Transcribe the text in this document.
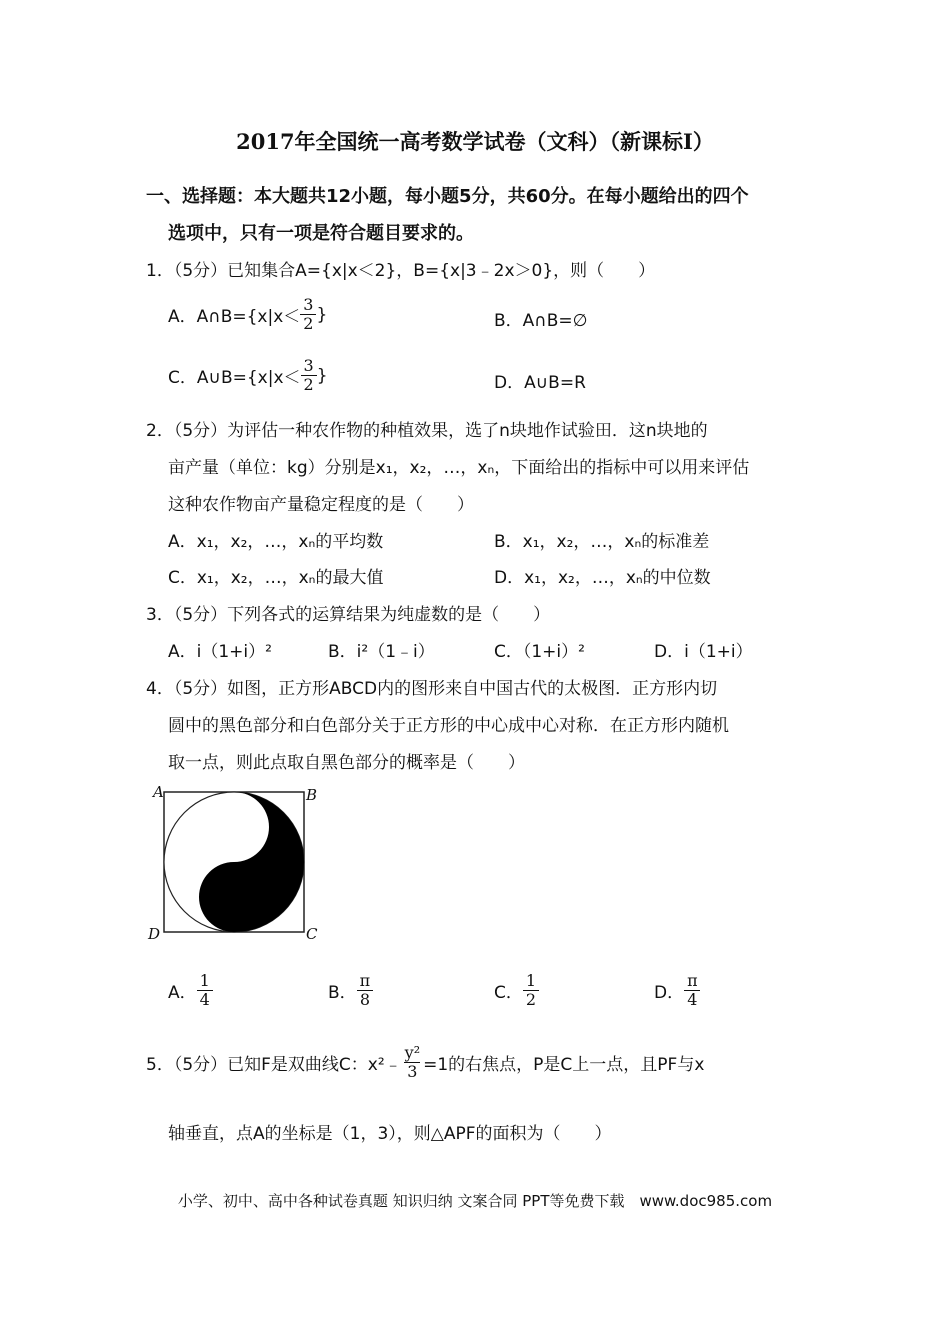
2017年全国统一高考数学试卷（文科）（新课标I）
一、选择题：本大题共12小题，每小题5分，共60分。在每小题给出的四个
选项中，只有一项是符合题目要求的。
1．（5分）已知集合A={x|x＜2}，B={x|3﹣2x＞0}，则（　　）
A．A∩B={x|x＜ $\frac{3}{2}$ }	B．A∩B=∅
C．A∪B={x|x＜ $\frac{3}{2}$ }	D．A∪B=R
2．（5分）为评估一种农作物的种植效果，选了n块地作试验田．这n块地的
亩产量（单位：kg）分别是x₁，x₂，…，xₙ，下面给出的指标中可以用来评估
这种农作物亩产量稳定程度的是（　　）
A．x₁，x₂，…，xₙ的平均数	B．x₁，x₂，…，xₙ的标准差
C．x₁，x₂，…，xₙ的最大值	D．x₁，x₂，…，xₙ的中位数
3．（5分）下列各式的运算结果为纯虚数的是（　　）
A．i（1+i）²	B．i²（1﹣i）	C．（1+i）²	D．i（1+i）
4．（5分）如图，正方形ABCD内的图形来自中国古代的太极图．正方形内切
圆中的黑色部分和白色部分关于正方形的中心成中心对称．在正方形内随机
取一点，则此点取自黑色部分的概率是（　　）
A	B
C
D
A． $\frac{1}{4}$	B． $\frac{\pi}{8}$	C． $\frac{1}{2}$	D． $\frac{\pi}{4}$
5．（5分）已知F是双曲线C：x²﹣ $\frac{\text{y²}}{3} =1$的右焦点，P是C上一点，且PF与x
轴垂直，点A的坐标是（1，3），则△APF的面积为（　　）
小学、初中、高中各种试卷真题 知识归纳 文案合同 PPT等免费下载　www.doc985.com
